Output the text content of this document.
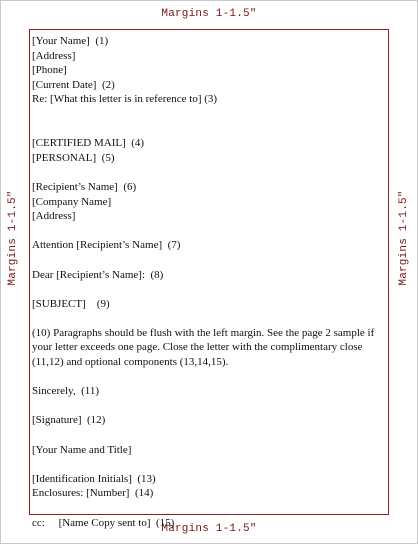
Margins 1-1.5"
Margins 1-1.5"
Margins 1-1.5"	Margins 1-1.5"
[Your Name]  (1)
[Address]
[Phone]
[Current Date]  (2)
Re: [What this letter is in reference to] (3)

[CERTIFIED MAIL]  (4)
[PERSONAL]  (5)

[Recipient’s Name]  (6)
[Company Name]
[Address]

Attention [Recipient’s Name]  (7)

Dear [Recipient’s Name]:  (8)

[SUBJECT]    (9)

(10) Paragraphs should be flush with the left margin. See the page 2 sample if your letter exceeds one page. Close the letter with the complimentary close (11,12) and optional components (13,14,15).

Sincerely,  (11)

[Signature]  (12)

[Your Name and Title]

[Identification Initials]  (13)
Enclosures: [Number]  (14)

cc:     [Name Copy sent to]  (15)
